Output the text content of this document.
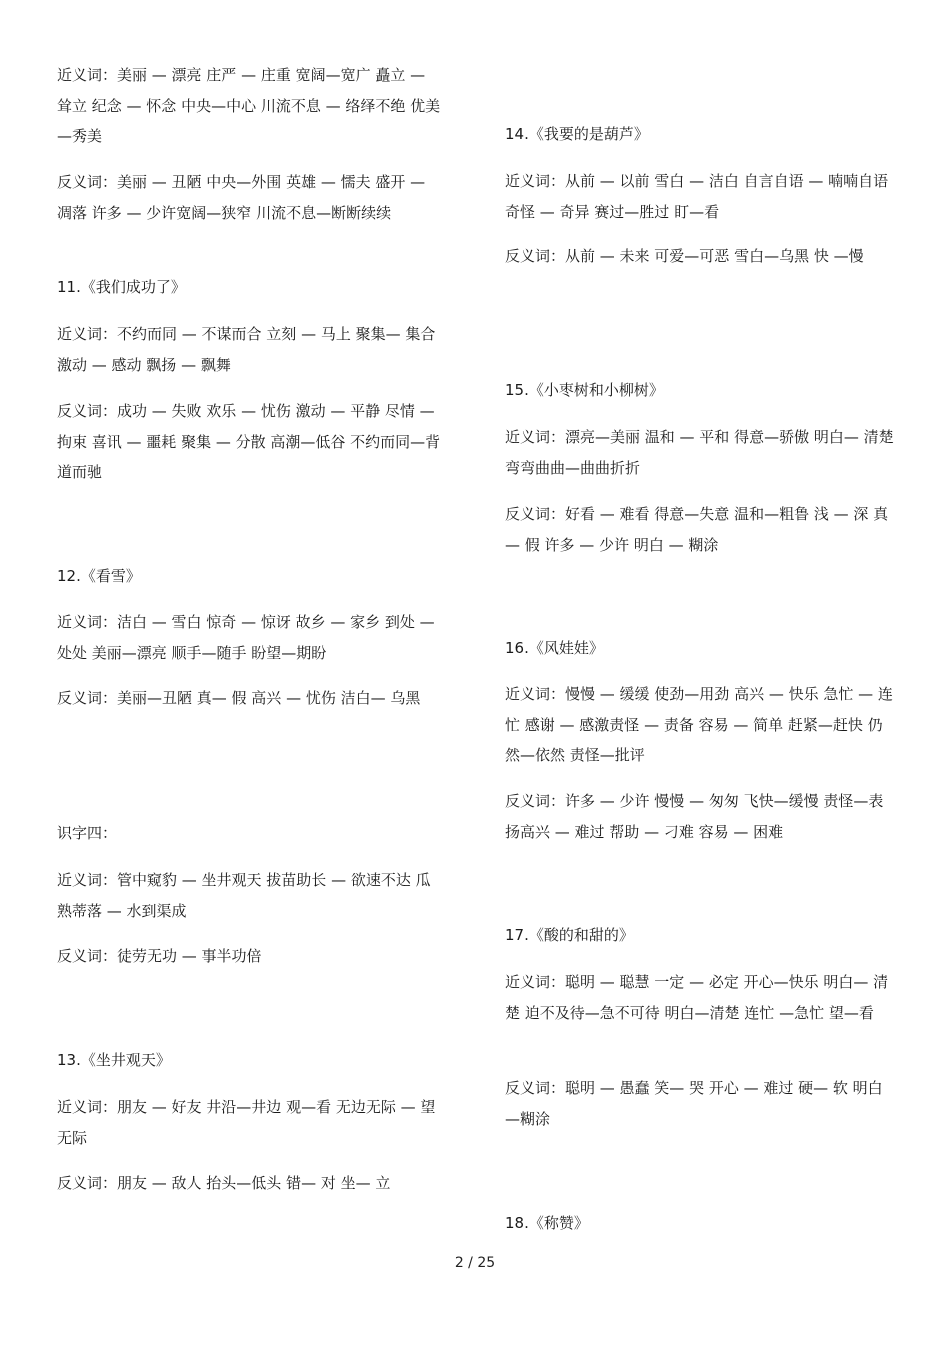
近义词：美丽 — 漂亮 庄严 — 庄重 宽阔—宽广 矗立 — 耸立 纪念 — 怀念 中央—中心 川流不息 — 络绎不绝 优美—秀美

反义词：美丽 — 丑陋 中央—外围 英雄 — 懦夫 盛开 — 凋落 许多 — 少许宽阔—狭窄 川流不息—断断续续

11.《我们成功了》

近义词：不约而同 — 不谋而合 立刻 — 马上 聚集— 集合 激动 — 感动 飘扬 — 飘舞

反义词：成功 — 失败 欢乐 — 忧伤 激动 — 平静 尽情 — 拘束 喜讯 — 噩耗 聚集 — 分散 高潮—低谷 不约而同—背道而驰

12.《看雪》

近义词：洁白 — 雪白 惊奇 — 惊讶 故乡 — 家乡 到处 — 处处 美丽—漂亮 顺手—随手 盼望—期盼

反义词：美丽—丑陋 真— 假 高兴 — 忧伤 洁白— 乌黑

识字四：

近义词：管中窥豹 — 坐井观天 拔苗助长 — 欲速不达 瓜熟蒂落 — 水到渠成

反义词：徒劳无功 — 事半功倍

13.《坐井观天》

近义词：朋友 — 好友 井沿—井边 观—看 无边无际 — 望无际

反义词：朋友 — 敌人 抬头—低头 错— 对 坐— 立

14.《我要的是葫芦》

近义词：从前 — 以前 雪白 — 洁白 自言自语 — 喃喃自语 奇怪 — 奇异 赛过—胜过 盯—看

反义词：从前 — 未来 可爱—可恶 雪白—乌黑 快 —慢

15.《小枣树和小柳树》

近义词：漂亮—美丽 温和 — 平和 得意—骄傲 明白— 清楚 弯弯曲曲—曲曲折折

反义词：好看 — 难看 得意—失意 温和—粗鲁 浅 — 深 真 — 假 许多 — 少许 明白 — 糊涂

16.《风娃娃》

近义词：慢慢 — 缓缓 使劲—用劲 高兴 — 快乐 急忙 — 连忙 感谢 — 感激责怪 — 责备 容易 — 简单 赶紧—赶快 仍然—依然 责怪—批评

反义词：许多 — 少许 慢慢 — 匆匆 飞快—缓慢 责怪—表扬高兴 — 难过 帮助 — 刁难 容易 — 困难

17.《酸的和甜的》

近义词：聪明 — 聪慧 一定 — 必定 开心—快乐 明白— 清楚 迫不及待—急不可待 明白—清楚 连忙 —急忙 望—看

反义词：聪明 — 愚蠢 笑— 哭 开心 — 难过 硬— 软 明白—糊涂

18.《称赞》

2 / 25
